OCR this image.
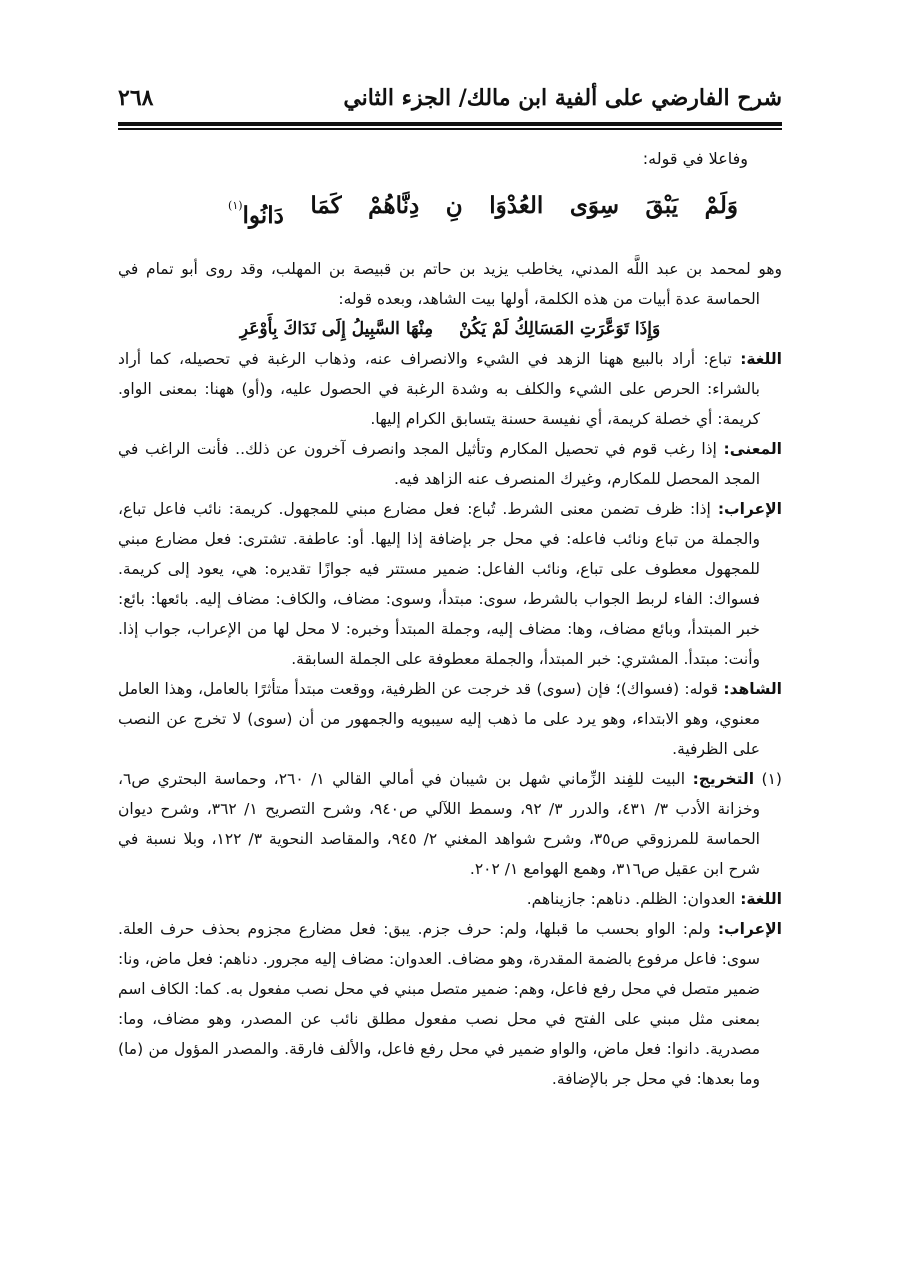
شرح الفارضي على ألفية ابن مالك/ الجزء الثاني
٢٦٨

وفاعلا في قوله:

وَلَمْ
يَبْقَ
سِوَى
العُدْوَا
نِ
دِنَّاهُمْ
كَمَا
دَانُوا$^{(١)}$

وهو لمحمد بن عبد اللَّه المدني، يخاطب يزيد بن حاتم بن قبيصة بن المهلب، وقد روى أبو تمام في الحماسة عدة أبيات من هذه الكلمة، أولها بيت الشاهد، وبعده قوله:

وَإِذَا تَوَعَّرَتِ المَسَالِكُ لَمْ يَكُنْ
مِنْهَا السَّبِيلُ إِلَى نَدَاكَ بِأَوْعَرِ

اللغة: تباع: أراد بالبيع ههنا الزهد في الشيء والانصراف عنه، وذهاب الرغبة في تحصيله، كما أراد بالشراء: الحرص على الشيء والكلف به وشدة الرغبة في الحصول عليه، و(أو) ههنا: بمعنى الواو. كريمة: أي خصلة كريمة، أي نفيسة حسنة يتسابق الكرام إليها.

المعنى: إذا رغب قوم في تحصيل المكارم وتأثيل المجد وانصرف آخرون عن ذلك.. فأنت الراغب في المجد المحصل للمكارم، وغيرك المنصرف عنه الزاهد فيه.

الإعراب: إذا: ظرف تضمن معنى الشرط. تُباع: فعل مضارع مبني للمجهول. كريمة: نائب فاعل تباع، والجملة من تباع ونائب فاعله: في محل جر بإضافة إذا إليها. أو: عاطفة. تشترى: فعل مضارع مبني للمجهول معطوف على تباع، ونائب الفاعل: ضمير مستتر فيه جوازًا تقديره: هي، يعود إلى كريمة. فسواك: الفاء لربط الجواب بالشرط، سوى: مبتدأ، وسوى: مضاف، والكاف: مضاف إليه. بائعها: بائع: خبر المبتدأ، وبائع مضاف، وها: مضاف إليه، وجملة المبتدأ وخبره: لا محل لها من الإعراب، جواب إذا. وأنت: مبتدأ. المشتري: خبر المبتدأ، والجملة معطوفة على الجملة السابقة.

الشاهد: قوله: (فسواك)؛ فإن (سوى) قد خرجت عن الظرفية، ووقعت مبتدأ متأثرًا بالعامل، وهذا العامل معنوي، وهو الابتداء، وهو يرد على ما ذهب إليه سيبويه والجمهور من أن (سوى) لا تخرج عن النصب على الظرفية.

(١) التخريج: البيت للفِند الزِّماني شهل بن شيبان في أمالي القالي ١/ ٢٦٠، وحماسة البحتري ص٦، وخزانة الأدب ٣/ ٤٣١، والدرر ٣/ ٩٢، وسمط اللآلي ص٩٤٠، وشرح التصريح ١/ ٣٦٢، وشرح ديوان الحماسة للمرزوقي ص٣٥، وشرح شواهد المغني ٢/ ٩٤٥، والمقاصد النحوية ٣/ ١٢٢، وبلا نسبة في شرح ابن عقيل ص٣١٦، وهمع الهوامع ١/ ٢٠٢.

اللغة: العدوان: الظلم. دناهم: جازيناهم.

الإعراب: ولم: الواو بحسب ما قبلها، ولم: حرف جزم. يبق: فعل مضارع مجزوم بحذف حرف العلة. سوى: فاعل مرفوع بالضمة المقدرة، وهو مضاف. العدوان: مضاف إليه مجرور. دناهم: فعل ماض، ونا: ضمير متصل في محل رفع فاعل، وهم: ضمير متصل مبني في محل نصب مفعول به. كما: الكاف اسم بمعنى مثل مبني على الفتح في محل نصب مفعول مطلق نائب عن المصدر، وهو مضاف، وما: مصدرية. دانوا: فعل ماض، والواو ضمير في محل رفع فاعل، والألف فارقة. والمصدر المؤول من (ما) وما بعدها: في محل جر بالإضافة.
